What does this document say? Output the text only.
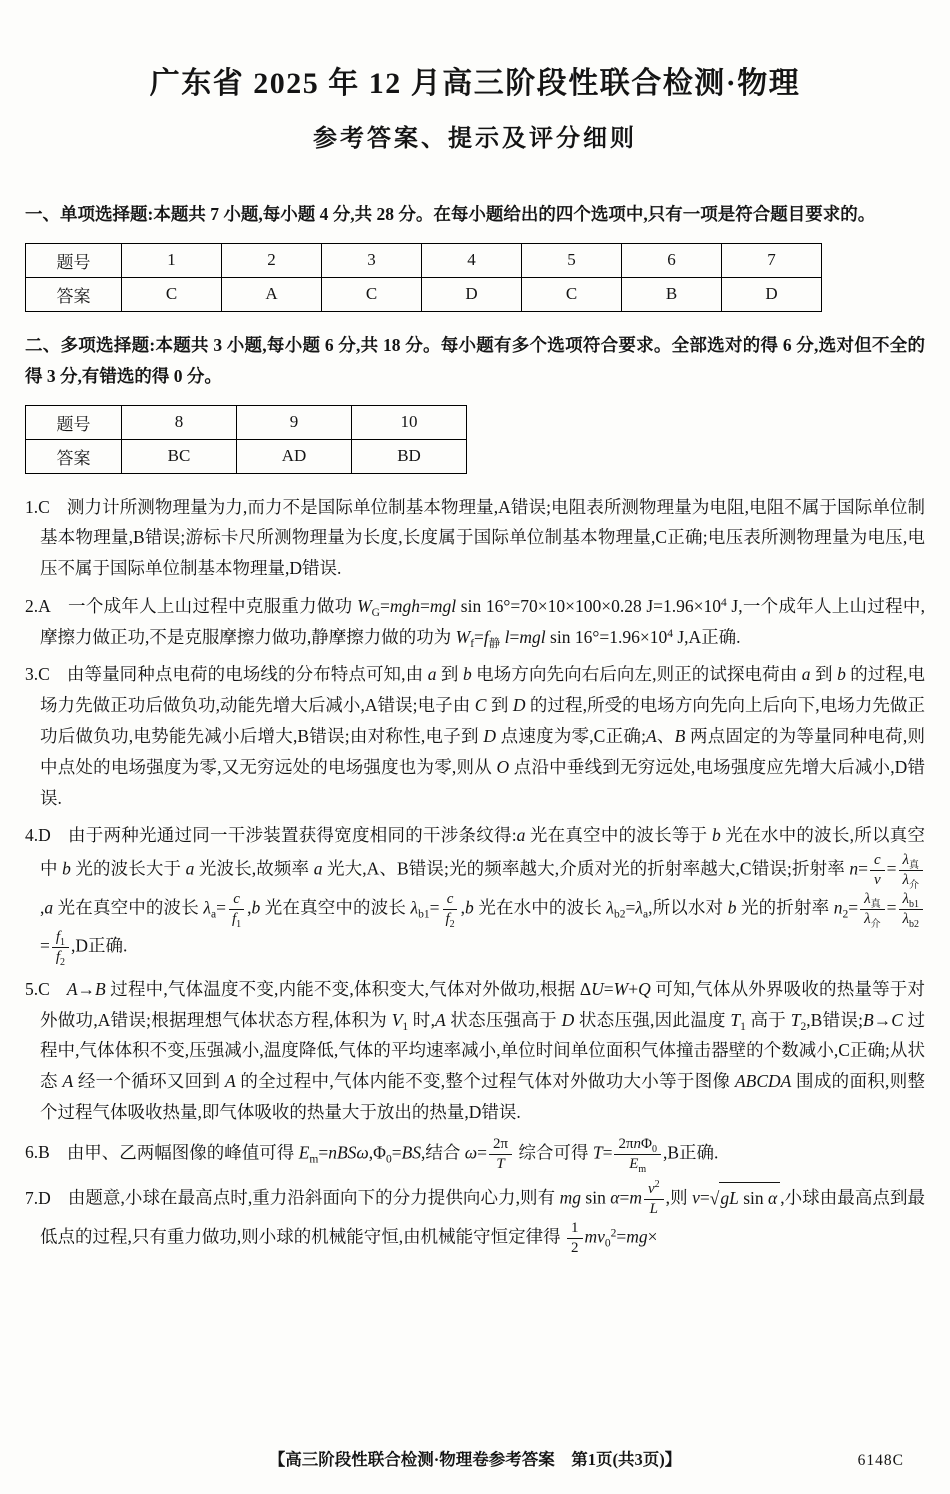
广东省 2025 年 12 月高三阶段性联合检测·物理
参考答案、提示及评分细则

一、单项选择题:本题共 7 小题,每小题 4 分,共 28 分。在每小题给出的四个选项中,只有一项是符合题目要求的。

题号	1	2	3	4	5	6	7
答案	C	A	C	D	C	B	D

二、多项选择题:本题共 3 小题,每小题 6 分,共 18 分。每小题有多个选项符合要求。全部选对的得 6 分,选对但不全的得 3 分,有错选的得 0 分。

题号	8	9	10
答案	BC	AD	BD

1.C 测力计所测物理量为力,而力不是国际单位制基本物理量,A错误;电阻表所测物理量为电阻,电阻不属于国际单位制基本物理量,B错误;游标卡尺所测物理量为长度,长度属于国际单位制基本物理量,C正确;电压表所测物理量为电压,电压不属于国际单位制基本物理量,D错误.

2.A 一个成年人上山过程中克服重力做功 $W_G=mgh=mgl$ sin 16°=70×10×100×0.28 $J=1.96\times 10^4$ J,一个成年人上山过程中,摩擦力做正功,不是克服摩擦力做功,静摩擦力做的功为 $W_f=f_静$ l=mgl $\sin 16^\circ=1.96\times 10^4$ J,A正确.

3.C 由等量同种点电荷的电场线的分布特点可知,由 a 到 b 电场方向先向右后向左,则正的试探电荷由 a 到 b 的过程,电场力先做正功后做负功,动能先增大后减小,A错误;电子由 C 到 D 的过程,所受的电场方向先向上后向下,电场力先做正功后做负功,电势能先减小后增大,B错误;由对称性,电子到 D 点速度为零,C正确;A、B 两点固定的为等量同种电荷,则中点处的电场强度为零,又无穷远处的电场强度也为零,则从 O 点沿中垂线到无穷远处,电场强度应先增大后减小,D错误.

4.D 由于两种光通过同一干涉装置获得宽度相同的干涉条纹得:a 光在真空中的波长等于 b 光在水中的波长,所以真空中 b 光的波长大于 a 光波长,故频率 a 光大,A、B错误;光的频率越大,介质对光的折射率越大,C错误;折射率 $n= \frac{c}{v} = \frac{\lambda_真}{\lambda_介}$
,a 光在真空中的波长 $\lambda_a= \frac{c}{f_1} ,b$ 光在真空中的波长 $\lambda_{b1}= \frac{c}{f_2} ,b$ 光在水中的波长 $\lambda_{b2}=\lambda_a$,所以水对 b 光的折射率 $n_2= \frac{\lambda_真}{\lambda_介} = \frac{\lambda_{b1}}{\lambda_{b2}}$
= $\frac{f_1}{f_2} ,D$正确.

5.C A→B 过程中,气体温度不变,内能不变,体积变大,气体对外做功,根据 ΔU=W+Q 可知,气体从外界吸收的热量等于对外做功,A错误;根据理想气体状态方程,体积为 $V_1$ 时,A 状态压强高于 D 状态压强,因此温度 $T_1$ 高于 $T_2,B$错误;B→C 过程中,气体体积不变,压强减小,温度降低,气体的平均速率减小,单位时间单位面积气体撞击器壁的个数减小,C正确;从状态 A 经一个循环又回到 A 的全过程中,气体内能不变,整个过程气体对外做功大小等于图像 ABCDA 围成的面积,则整个过程气体吸收热量,即气体吸收的热量大于放出的热量,D错误.

6.B 由甲、乙两幅图像的峰值可得 $E_m=nBS\omega,\Phi_0=BS$,结合 $\omega= \frac{2\pi}{T}$ 综合可得 $T= \frac{2\pi n\Phi_0}{E_m} ,B$正确.

7.D 由题意,小球在最高点时,重力沿斜面向下的分力提供向心力,则有 mg $\sin \alpha=m \frac{v^2}{L}$ ,则 v=√gL sin α ,小球由最高点到最低点的过程,只有重力做功,则小球的机械能守恒,由机械能守恒定律得 $\frac{1}{2} mv_0^2=mg\times$

【高三阶段性联合检测·物理卷参考答案　第1页(共3页)】	6148C
